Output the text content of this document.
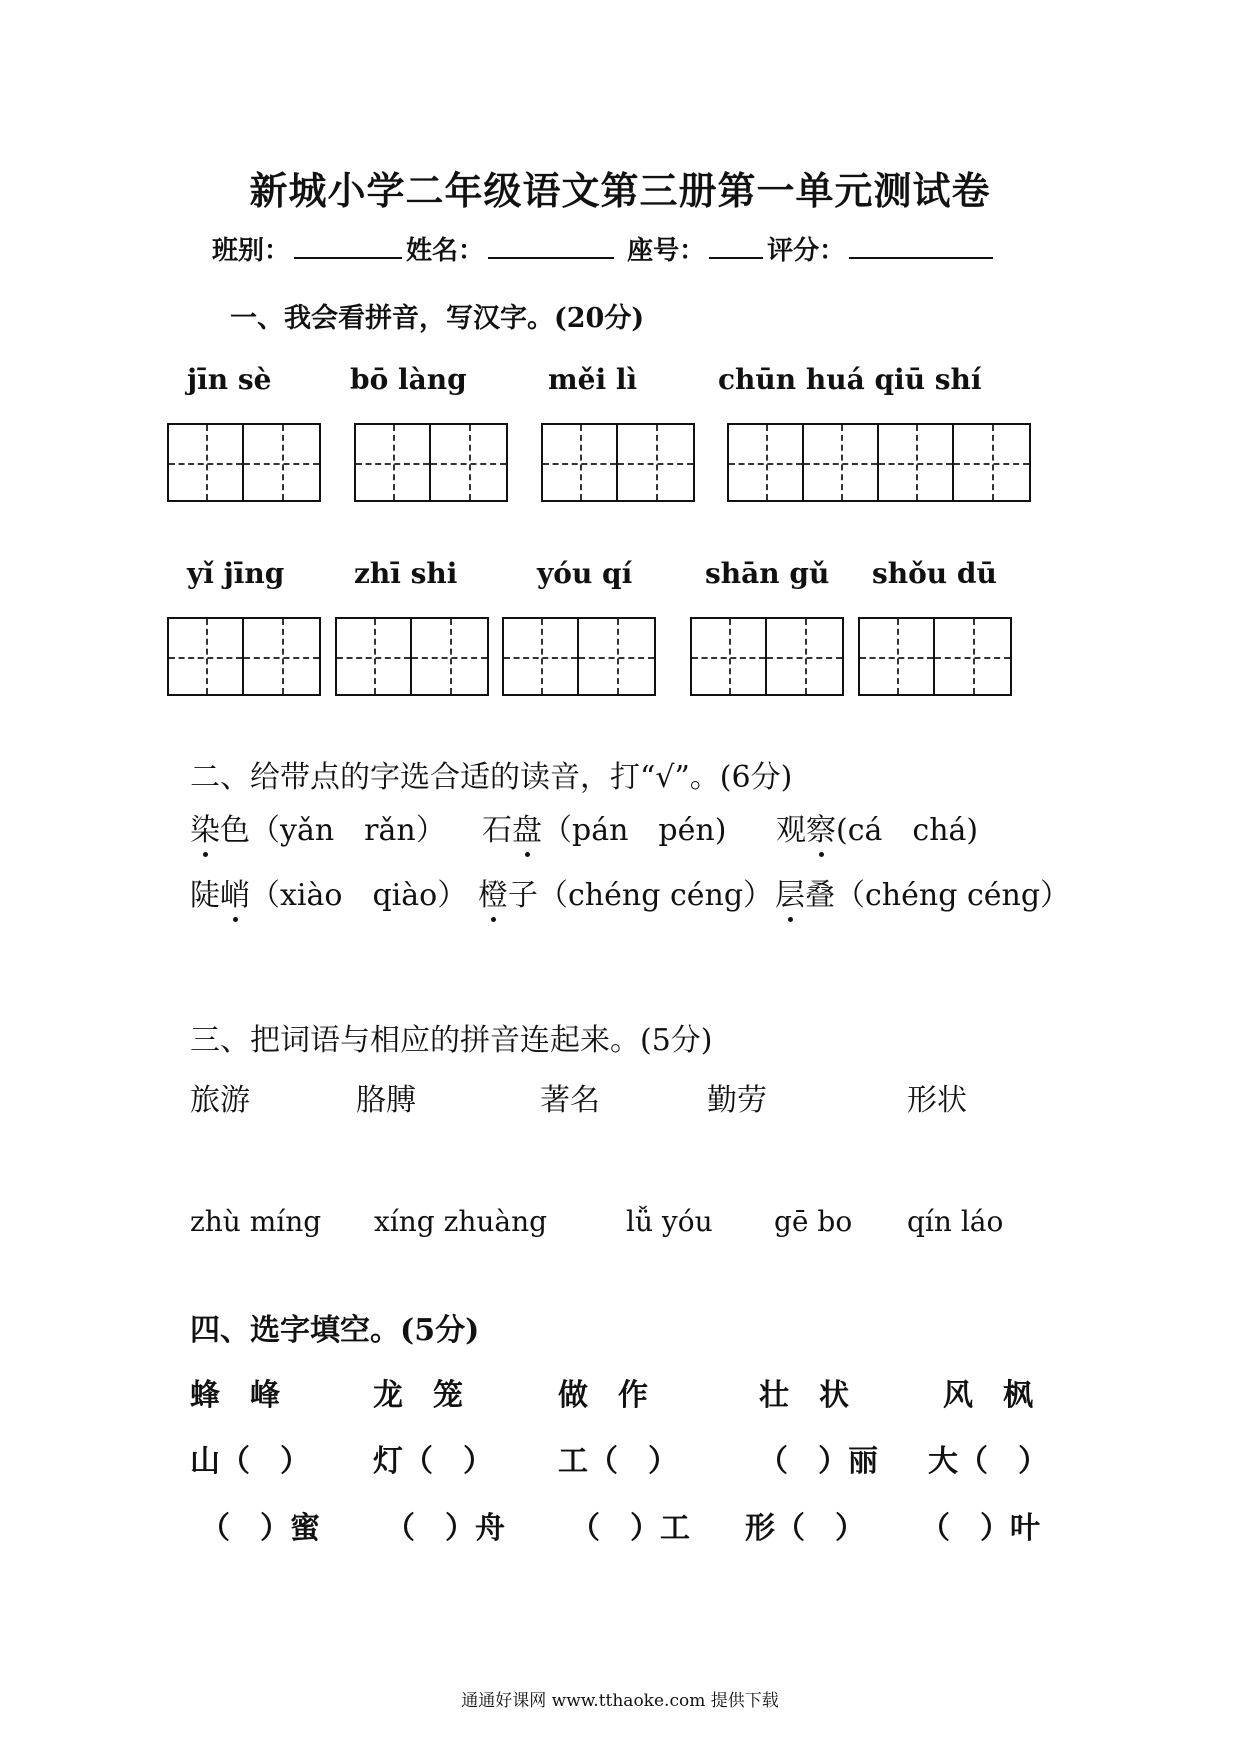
新城小学二年级语文第三册第一单元测试卷
班别：	姓名：	座号： 评分：
一、我会看拼音，写汉字。(20分)
jīn sè	bō làng	měi lì	chūn huá qiū shí
yǐ jīng zhī shi	yóu qí	shān gǔ shǒu dū
二、给带点的字选合适的读音，打“√”。(6分)
染色（yǎn　rǎn） 石盘（pán　pén) 观察(cá　chá)
陡峭（xiào　qiào） 橙子（chéng céng） 层叠（chéng céng）
三、把词语与相应的拼音连起来。(5分)
旅游	胳膊	著名	勤劳	形状
zhù míng xíng zhuàng	lǚ yóu gē bo qín láo
四、选字填空。(5分)
蜂　峰	龙　笼	做　作	壮　状	风　枫
山（　） 灯（　） 工（　）	（　）丽 大（　）
（　）蜜 （　）舟 （　）工 形（　） （　）叶
通通好课网 www.tthaoke.com 提供下载
